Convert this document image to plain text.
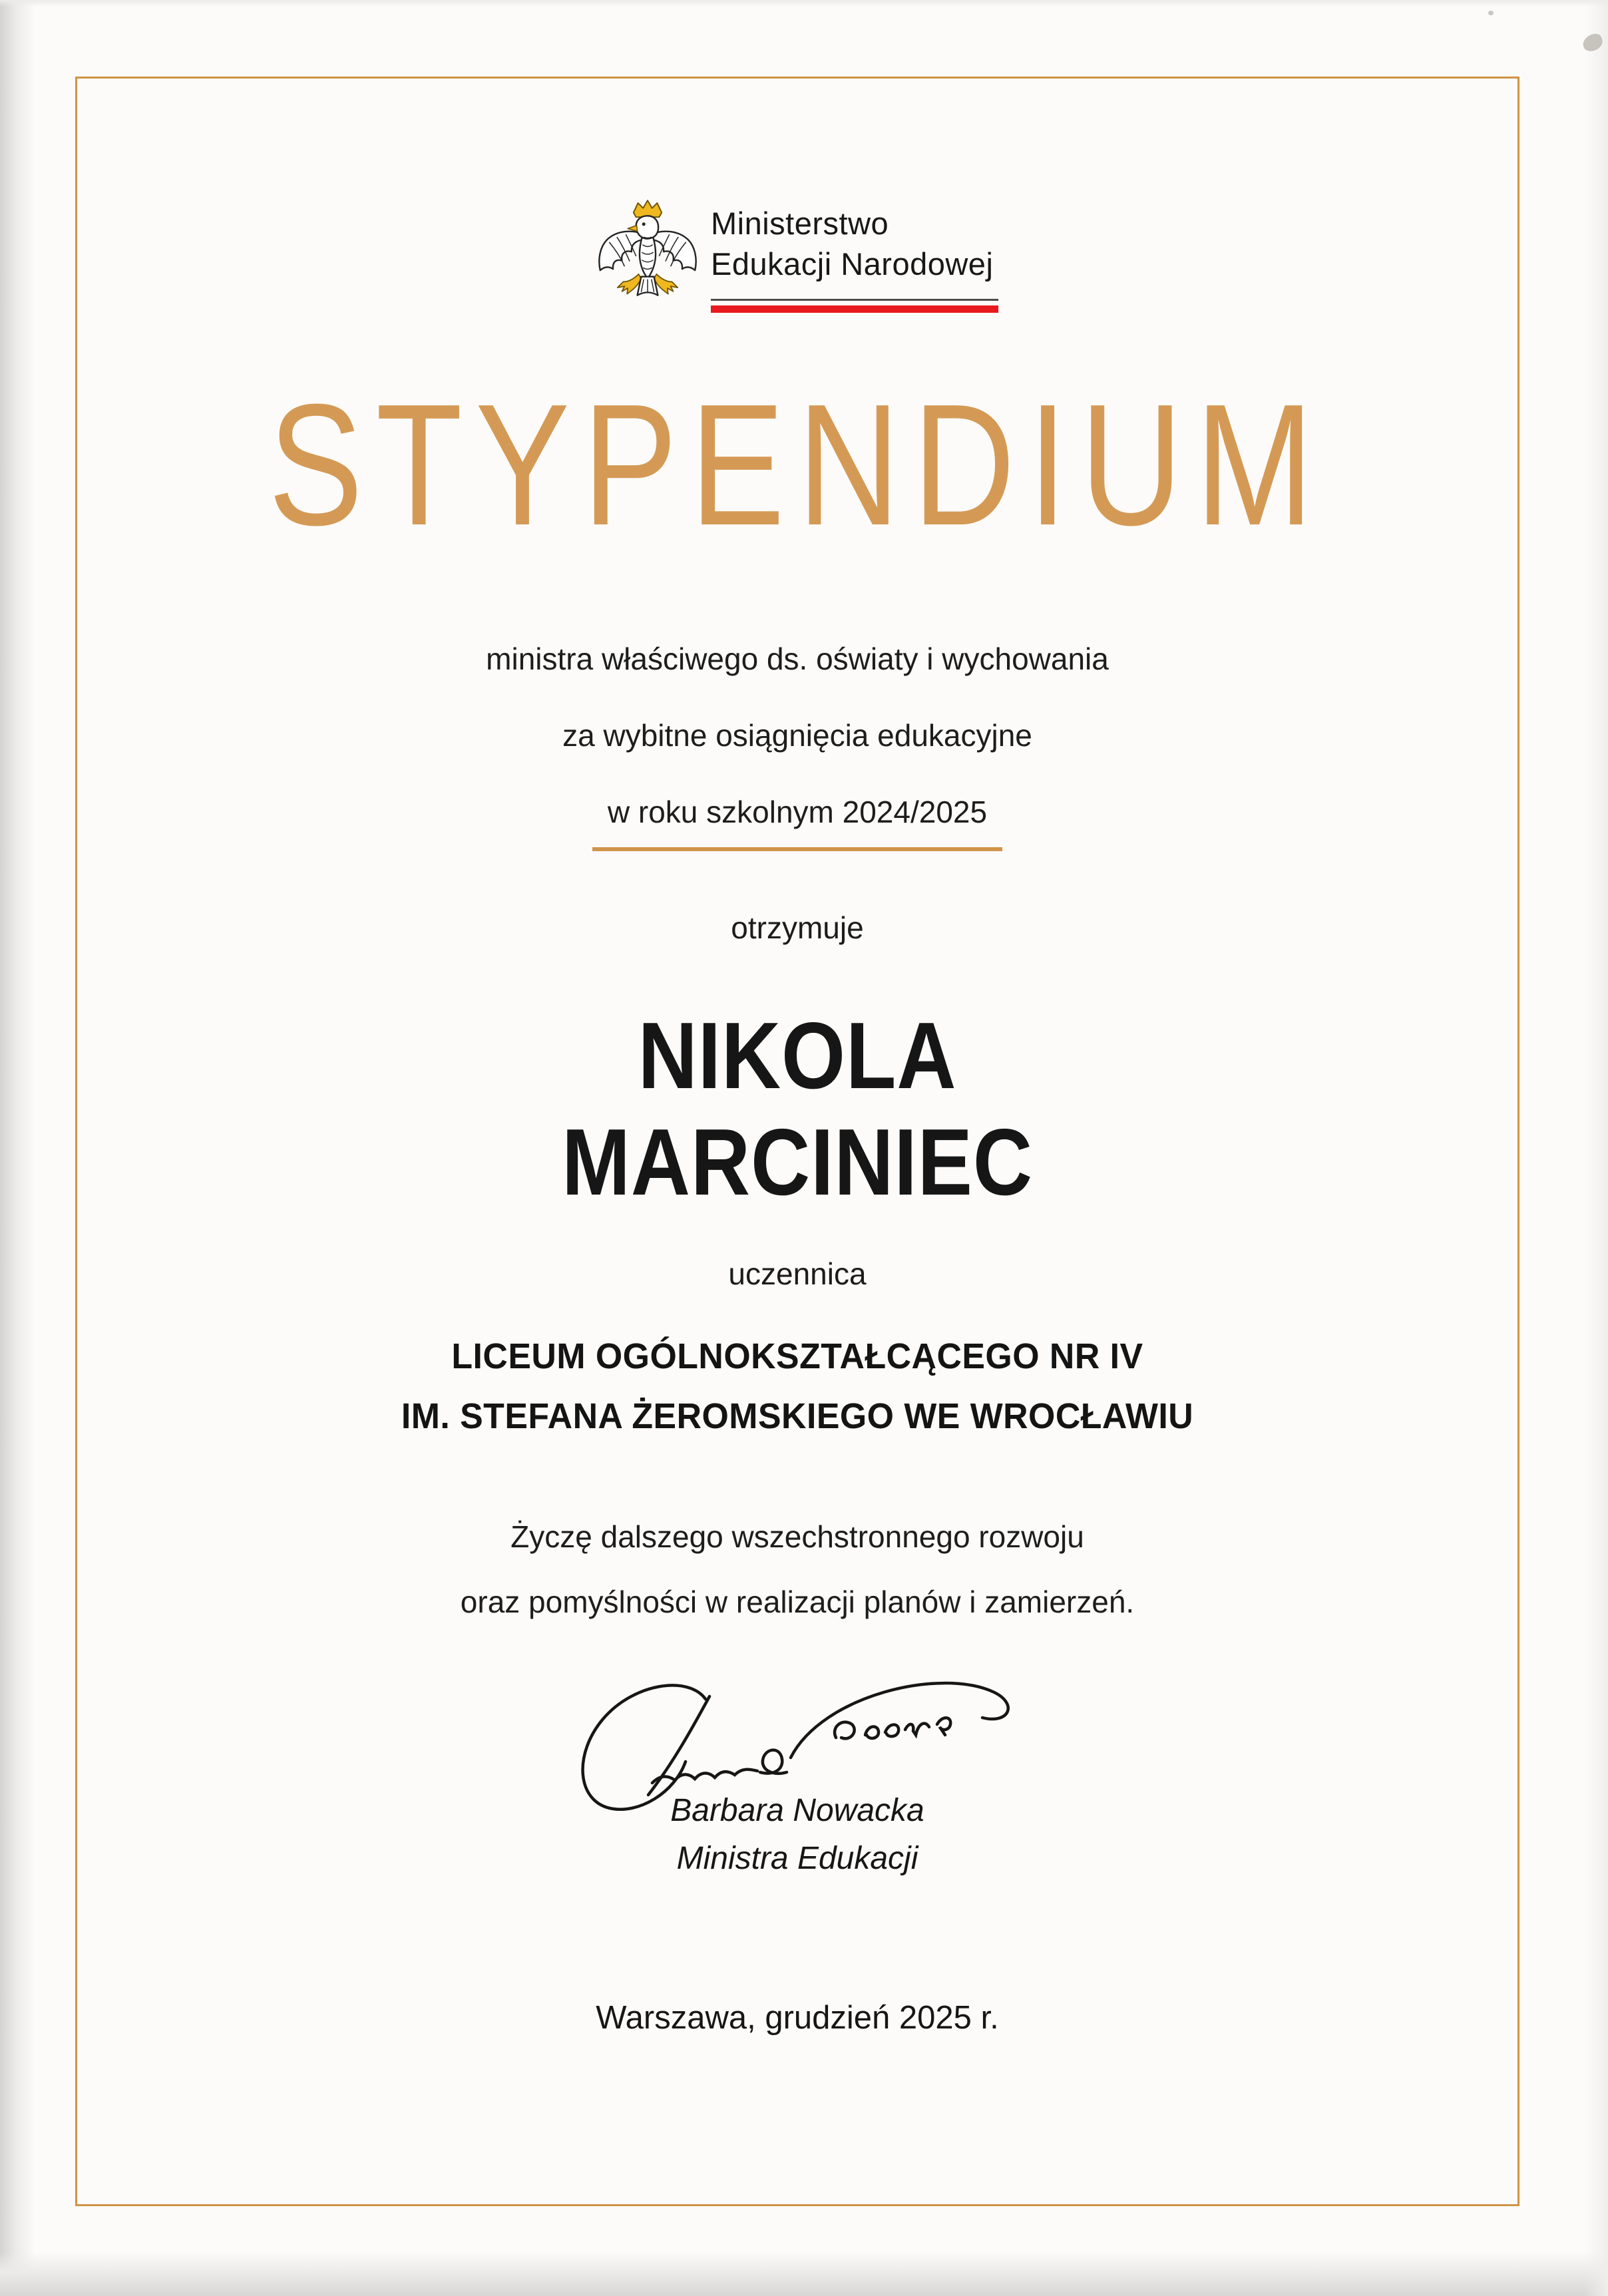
Ministerstwo
Edukacji Narodowej
STYPENDIUM
ministra właściwego ds. oświaty i wychowania
za wybitne osiągnięcia edukacyjne
w roku szkolnym 2024/2025
otrzymuje
NIKOLA
MARCINIEC
uczennica
LICEUM OGÓLNOKSZTAŁCĄCEGO NR IV
IM. STEFANA ŻEROMSKIEGO WE WROCŁAWIU
Życzę dalszego wszechstronnego rozwoju
oraz pomyślności w realizacji planów i zamierzeń.
Barbara Nowacka
Ministra Edukacji
Warszawa, grudzień 2025 r.
